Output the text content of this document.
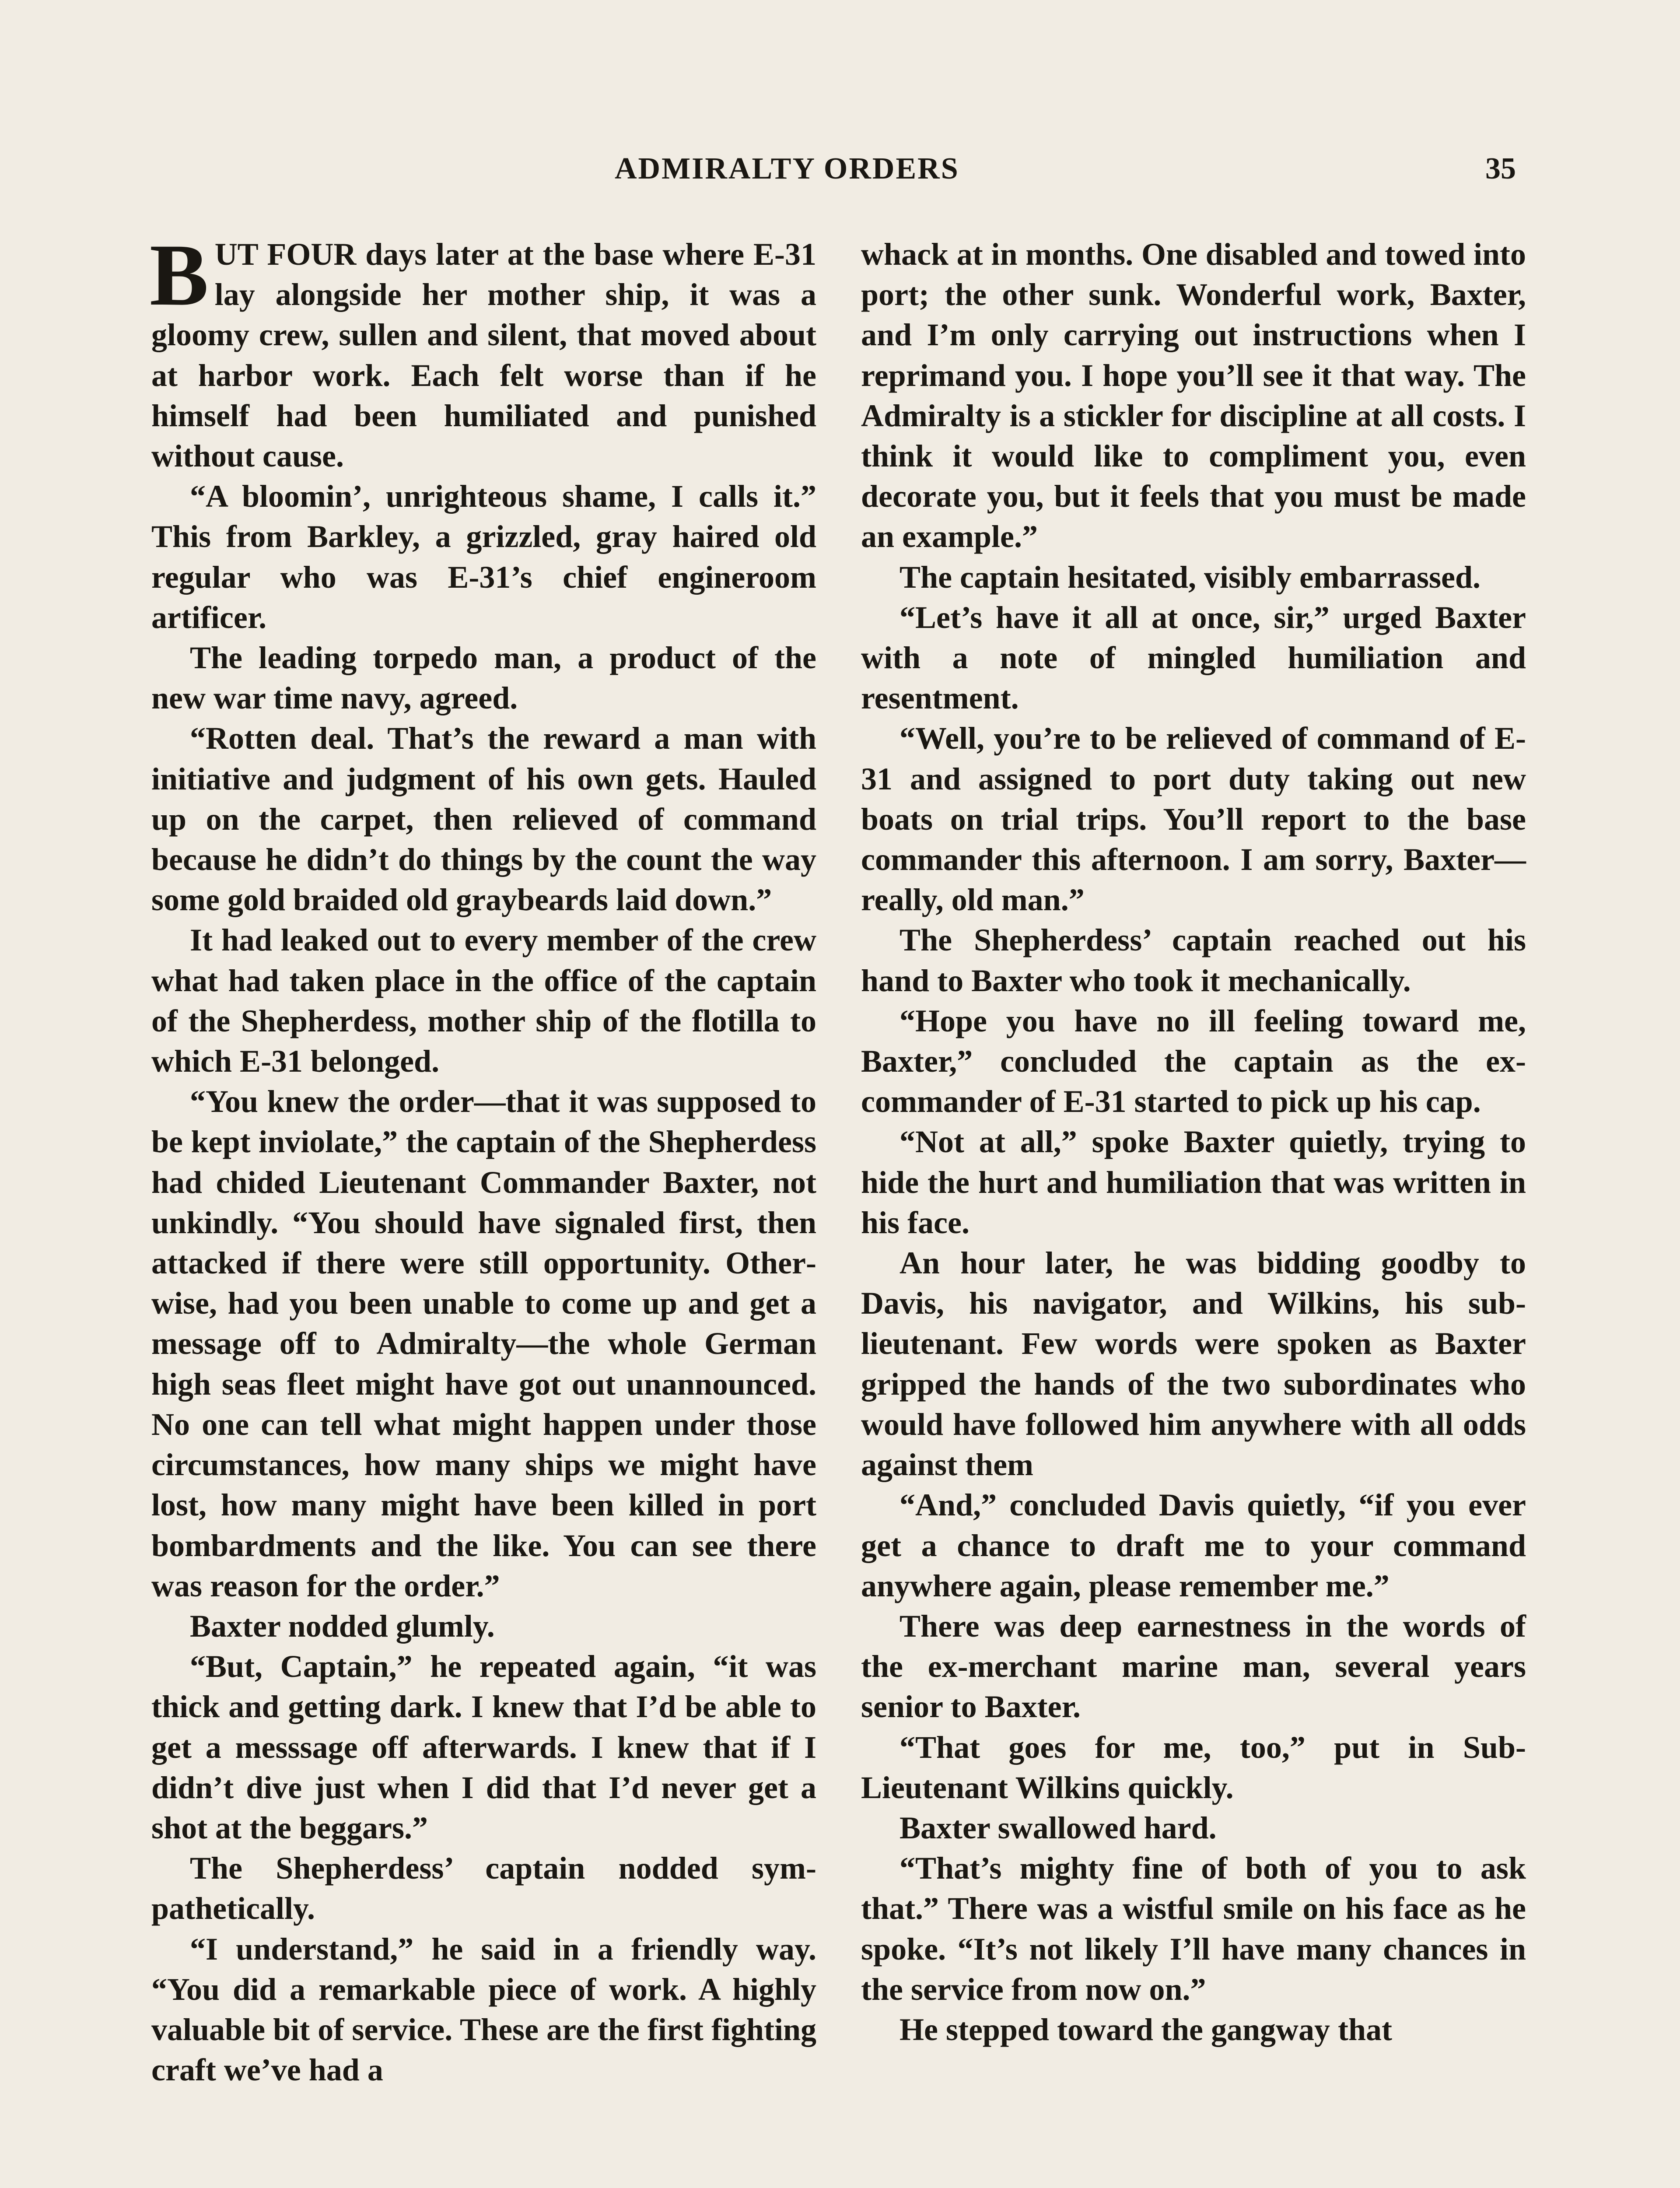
ADMIRALTY ORDERS	35

BUT FOUR days later at the base where E-31 lay alongside her mother ship, it was a gloomy crew, sullen and silent, that moved about at harbor work. Each felt worse than if he himself had been humiliated and punished without cause.

“A bloomin’, unrighteous shame, I calls it.” This from Barkley, a grizzled, gray haired old regular who was E-31’s chief engineroom artificer.

The leading torpedo man, a product of the new war time navy, agreed.

“Rotten deal. That’s the reward a man with initiative and judgment of his own gets. Hauled up on the carpet, then relieved of command because he didn’t do things by the count the way some gold braided old graybeards laid down.”

It had leaked out to every member of the crew what had taken place in the office of the captain of the Shepherdess, mother ship of the flotilla to which E-31 belonged.

“You knew the order—that it was supposed to be kept inviolate,” the captain of the Shepherdess had chided Lieutenant Commander Baxter, not unkindly. “You should have signaled first, then attacked if there were still opportunity. Otherwise, had you been unable to come up and get a message off to Admiralty—the whole German high seas fleet might have got out unannounced. No one can tell what might happen under those circumstances, how many ships we might have lost, how many might have been killed in port bombardments and the like. You can see there was reason for the order.”

Baxter nodded glumly.

“But, Captain,” he repeated again, “it was thick and getting dark. I knew that I’d be able to get a messsage off afterwards. I knew that if I didn’t dive just when I did that I’d never get a shot at the beggars.”

The Shepherdess’ captain nodded sympathetically.

“I understand,” he said in a friendly way. “You did a remarkable piece of work. A highly valuable bit of service. These are the first fighting craft we’ve had a

whack at in months. One disabled and towed into port; the other sunk. Wonderful work, Baxter, and I’m only carrying out instructions when I reprimand you. I hope you’ll see it that way. The Admiralty is a stickler for discipline at all costs. I think it would like to compliment you, even decorate you, but it feels that you must be made an example.”

The captain hesitated, visibly embarrassed.

“Let’s have it all at once, sir,” urged Baxter with a note of mingled humiliation and resentment.

“Well, you’re to be relieved of command of E-31 and assigned to port duty taking out new boats on trial trips. You’ll report to the base commander this afternoon. I am sorry, Baxter—really, old man.”

The Shepherdess’ captain reached out his hand to Baxter who took it mechanically.

“Hope you have no ill feeling toward me, Baxter,” concluded the captain as the ex-commander of E-31 started to pick up his cap.

“Not at all,” spoke Baxter quietly, trying to hide the hurt and humiliation that was written in his face.

An hour later, he was bidding goodby to Davis, his navigator, and Wilkins, his sub-lieutenant. Few words were spoken as Baxter gripped the hands of the two subordinates who would have followed him anywhere with all odds against them

“And,” concluded Davis quietly, “if you ever get a chance to draft me to your command anywhere again, please remember me.”

There was deep earnestness in the words of the ex-merchant marine man, several years senior to Baxter.

“That goes for me, too,” put in Sub-Lieutenant Wilkins quickly.

Baxter swallowed hard.

“That’s mighty fine of both of you to ask that.” There was a wistful smile on his face as he spoke. “It’s not likely I’ll have many chances in the service from now on.”

He stepped toward the gangway that
